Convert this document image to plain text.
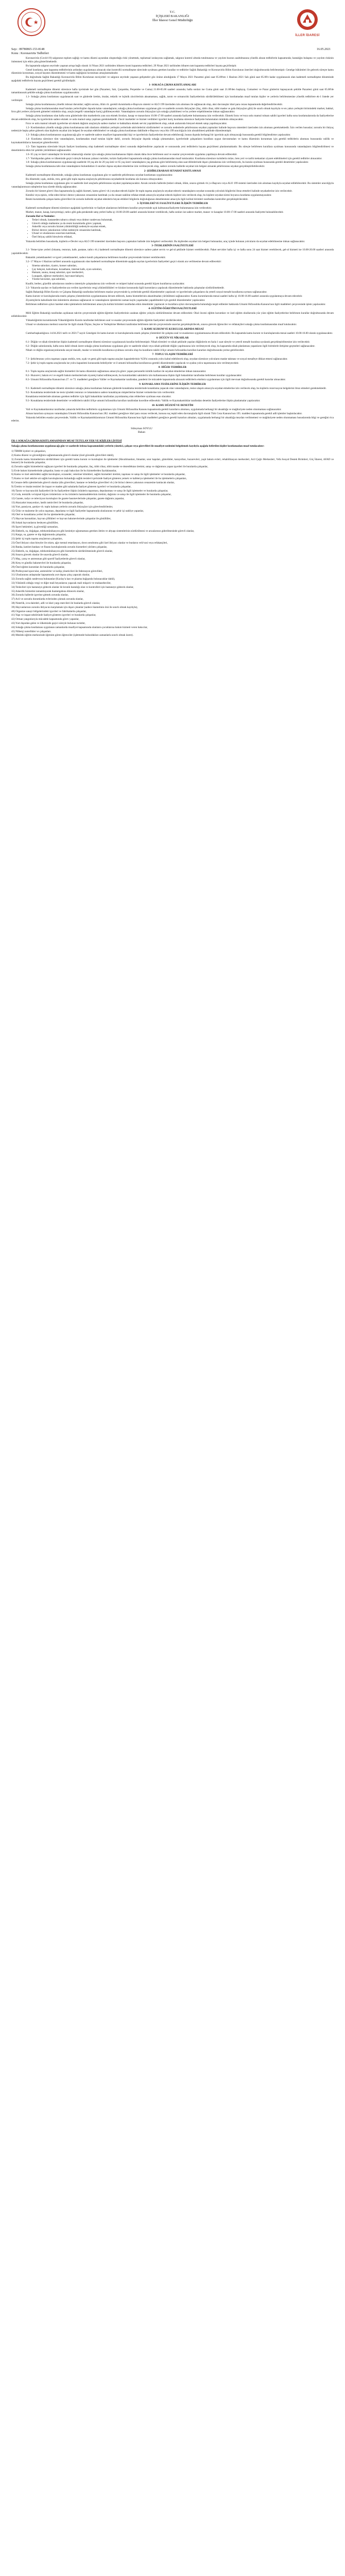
T.C.
İÇİŞLERİ BAKANLIĞI
İller İdaresi Genel Müdürlüğü
İLLER İDARESİ
Sayı : 89780865-153-8148
Konu : Koronavirüs Tedbirleri
16.05.2021

Koronavirüs (Covid-19) salgınının toplum sağlığı ve kamu düzeni açısından oluşturduğu riski yönetmek, toplumsal izolasyonu sağlamak, salgının kontrol altında tutulmasına ve yayılım hızının azaltılmasına yönelik alınan tedbirlerin kapsamında; hastalığın bulaşma ve yayılım riskinin önlenmesi için etkin çaba gösterilmektedir.

Bu kapsamda salgının seyrinde yaşanan artışa bağlı olarak 14 Nisan 2021 tarihinden itibaren kısmi kapanma tedbirleri; 29 Nisan 2021 tarihinden itibaren tam kapanma tedbirleri hayata geçirilmiştir.

Genel kısıtlama, tam kapanma tedbirlerinin ardından uygulamaya alınacak olan kontrollü normalleşme sürecinde uyulması gereken kurallar ve tedbirler Sağlık Bakanlığı ve Koronavirüs Bilim Kurulunun önerileri doğrultusunda belirlenmiştir. Genelge hükümleri ile gelecek süreçte kamu düzeninin korunması, sosyal hayatın düzenlenmesi ve kamu sağlığının korunması amaçlanmaktadır.

Bu doğrultuda Sağlık Bakanlığı Koronavirüs Bilim Kurulunun tavsiyeleri ve salgının seyrinde yaşanan gelişmeler göz önüne alındığında 17 Mayıs 2021 Pazartesi günü saat 05.00'ten 1 Haziran 2021 Salı günü saat 05.00'e kadar uygulanacak olan kademeli normalleşme döneminde aşağıdaki tedbirlerin hayata geçirilmesi gerekli görülmüştür.

1- SOKAĞA ÇIKMA KISITLAMALARI

Kademeli normalleşme dönemi süresince hafta içerisinde her gün (Pazartesi, Salı, Çarşamba, Perşembe ve Cuma) 21.00-05.00 saatleri arasında; hafta sonları ise Cuma günü saat 21.00'den başlayıp, Cumartesi ve Pazar günlerini kapsayacak şekilde Pazartesi günü saat 05.00'de tamamlanacak şekilde sokağa çıkma kısıtlaması uygulanacaktır.

1.1- Sokağa çıkma kısıtlaması uygulanacak saat ve günlerde üretim, imalat, tedarik ve lojistik zincirlerinin aksamaması, sağlık, tarım ve ormancılık faaliyetlerinin sürdürülebilmesi için kısıtlamadan muaf tutulan kişiler ve yerlerin belirlenmesine yönelik tedbirlere ek-1 listede yer verilmiştir.

Sokağa çıkma kısıtlamasına yönelik istisnai durumlar; sağlık sorunu, ölüm vb. gerekli durumlarda e-Başvuru sistemi ve ALO 199 üzerinden izin alınması ile sağlanacak olup, aksi davranışlar idari para cezası kapsamında değerlendirilecektir.

Sokağa çıkma kısıtlamasından muaf tutulan yerler/kişiler dışında kalan vatandaşların; sokağa çıkma kısıtlaması uygulanan gün ve saatlerde zorunlu ihtiyaçları (ilaç, tıbbi cihaz, tıbbi maske ve gıda ihtiyaçları gibi) ile sınırlı olmak kaydıyla ve en yakın yerleşim birimindeki market, bakkal, fırın gibi yerlere yürüyerek gitmeleri mümkün olup, araçla (engelli vatandaşlar hariç) gidilmeyecektir. Vatandaşların zorunlu ihtiyaçları için sokağa çıkabilmesi ve bu yerlere erişebilmesine imkan sağlanacaktır.

Sokağa çıkma kısıtlaması olan hafta sonu günlerinde tüm marketlerin yanı sıra ekmek fırınları, kasap ve manavların 10.00-17.00 saatleri arasında faaliyette bulunmasına izin verilecektir. Ekmek fırını ve/veya unlu mamul ruhsatı sahibi işyerleri hafta sonu kısıtlamalarında da faaliyetlerine devam edebilecek olup, bu işyerlerinin sadece ekmek ve unlu mamul satışı yapması gerekmektedir. Zincir marketler ve hizmet verdikleri işyerleri hariç kısıtlama süresince faaliyette bulunmaları mümkün olmayacaktır.

Fırın ve unlu mamul ruhsatlı işyerlerine ait ekmek dağıtım araçlarıyla sadece market ve bakkallara ekmek servisi yapılabilecek olup, sokak aralarında bireysel ekmek satışı yapılmayacaktır.

1.2- Kısıtlamalara yönelik sokağa çıkma kısıtlamasına tabi olanların oldukları yerleşim yerlerinde aktivitelerini sürdürmeleri ve zorunlu nedenlerle şehirlerarası seyahat yapmaları halinde başvuru sistemleri üzerinden izin alınması gerekmektedir. İzin verilen hususlar; zorunlu bir ihtiyaç nedeniyle başka şehre gidecek olan kişilerin seyahat izin belgesi ile seyahat edebilmeleri ve sokağa çıkma kısıtlaması dahilinde e-Başvuru veya Alo 199 aracılığıyla izin alınabilmesi şeklinde düzenlenmiştir.

1.3- Sokağa çıkma kısıtlamasının uygulanacağı gün ve saatlerde sadece muafiyet kapsamındaki kişi ve işyerlerinin faaliyetlerine devam edebileceği, bunun dışında herhangi bir işyerinin açık olmayacağı hususunda gerekli bilgilendirme yapılacaktır.

1.4- Kısıtlama süresince tüm vatandaşların, kısıtlamadan muaf tutulan kişiler dahil, zorunlu ihtiyaçlar dışında sokağa çıkmamaları; işyerlerinde çalışanların kurallara uygun davranmaları ve kamu düzeninin korunması için gerekli tedbirlerin alınması hususunda valilik ve kaymakamlıklarca hassasiyet gösterilecektir.

1.5- Tam kapanma sürecinde birçok faaliyet kısıtlanmış olup kademeli normalleşme süreci sonunda değerlendirme yapılacak ve sonrasında yeni tedbirlerin hayata geçirilmesi planlanmaktadır. Bu süreçte belirlenen kurallara uyulması konusunda vatandaşların bilgilendirilmesi ve denetimlerin etkin bir şekilde yürütülmesi sağlanacaktır.

1.6- 65 yaş ve üzeri vatandaşlar ile kronik rahatsızlığı olanlar için sokağa çıkma kısıtlamasına ilişkin olarak daha önce belirlenen usul ve esaslar çerçevesinde uygulama yapılmaya devam edilecektir.

1.7- Yurtdışından gelen ve ülkemizde geçici süreyle bulunan yabancı turistler, turizm faaliyetleri kapsamında sokağa çıkma kısıtlamasından muaf tutulacaktır. Kısıtlama süresince turistlerin müze, ören yeri ve tarihi mekanları ziyaret edebilmeleri için gerekli tedbirler alınacaktır.

1.8- Sokağa çıkma kısıtlamasının uygulanacağı saatlerde 18 yaş altı ile 20 yaş üstü ve 65 yaş üzeri vatandaşların yaş grubuna göre belirlenmiş olan saat dilimlerinde dışarı çıkmalarına izin verilmeyecek, bu kurala uyulması hususunda gerekli denetimler yapılacaktır.

Sokağa çıkma kısıtlamasına tabi olan vatandaşların bulundukları il sınırları dışına seyahat etmelerine izin verilmeyecek olup, sadece zorunlu hallerde seyahat izin belgesi alınarak şehirlerarası seyahat gerçekleştirilebilecektir.

2- ŞEHİRLERARASI SEYAHAT KISITLAMASI

Kademeli normalleşme döneminde, sokağa çıkma kısıtlaması uygulanan gün ve saatlerde şehirlerarası seyahat kısıtlaması uygulanacaktır.

Bu dönemde; uçak, otobüs, tren, gemi gibi toplu taşıma araçlarıyla şehirlerarası seyahatlerde kısıtlama söz konusu olmayacaktır.

Sokağa çıkma kısıtlaması uygulanan gün ve saatlerde özel araçlarla şehirlerarası seyahat yapılamayacaktır. Ancak zorunlu hallerde (tedavi olmak, ölüm, sınava girmek vb.) e-Başvuru veya ALO 199 sistemi üzerinden izin alınması kaydıyla seyahat edilebilecektir. Bu sistemler aracılığıyla vatandaşlarımızın taleplerine kısa sürede dönüş sağlanacaktır.

Zorunlu bir hizmet görevi ifası kapsamında (iş sağlık hizmeti, kamu görevi vb.) seyahat edecek kişiler ile toplu taşıma araçlarıyla seyahat edecek vatandaşların seyahat sırasında yolculuk bilgilerini ibraz etmeleri halinde seyahatlerine izin verilecektir.

Kendisi veya eşinin, vefat eden birinci derece yakınının cenazesine katılmak ya da cenaze nakline refakat etmek amacıyla seyahat edecek kişilere izin verilecek olup, bu kişilere seyahat süresi boyunca kısıtlama uygulanmayacaktır.

Resmi kurumlarda çalışan kamu görevlileri ile zorunlu hallerde seyahat edenlerin beyan ettikleri bilgilerin doğruluğunun denetlenmesi amacıyla ilgili kolluk birimleri tarafından kontroller gerçekleştirilecektir.

3- İŞYERLERİ VE FAALİYETLERE İLİŞKİN TEDBİRLER

Kademeli normalleşme dönemi süresince aşağıdaki işyerlerinin ve faaliyet alanlarının belirlenen kurallar çerçevesinde açık kalmasına/faaliyette bulunmasına izin verilecektir.

Market, manav, kasap, kuruyemişçi, tatlıcı gibi gıda perakende satış yerleri hafta içi 10.00-20.00 saatleri arasında hizmet verebilecek, hafta sonları ise sadece market, manav ve kasaplar 10.00-17.00 saatleri arasında faaliyette bulunabilecektir.

Zorunlu Hal ve Nedenler:

• Tedavi olmak, hastaneden taburcu olmak veya doktor randevusu bulunmak,
• Görevli olduğu mahkeme ya da resmi kurumlarda görev yapmak,
• Askerlik veya zorunlu hizmet yükümlülüğü nedeniyle seyahat etmek,
• Birinci derece yakınlarının vefatı nedeniyle cenazesine katılmak,
• Ulusal ve uluslararası sınavlara katılmak,
• Özel ihtiyaç sahibi bireylerin refakati,

Yukarıda belirtilen hususlarda, kişilerin e-Devlet veya ALO 199 sistemleri üzerinden başvuru yapmaları halinde izin belgeleri verilecektir. Bu kişilerden seyahat izin belgesi bulunanlar, araç içinde bulunan yolcuların da seyahat edebilmesine imkan sağlanacaktır.

3- İYERLERİNİN FAALİYETLERİ

3.1- Yeme-içme yerleri (lokanta, restoran, kafe, pastane, tatlıcı vb.) kademeli normalleşme dönemi süresince sadece paket servis ve gel-al şeklinde hizmet verebilecektir. Paket servisler hafta içi ve hafta sonu 24 saat hizmet verebilecek, gel-al hizmeti ise 10.00-20.00 saatleri arasında yapılabilecektir.

Bakanlık yemekhaneleri ve işyeri yemekhaneleri, sadece kendi çalışanlarına belirlenen kurallar çerçevesinde hizmet verebilecektir.

3.2- 17 Mayıs-1 Haziran tarihleri arasında uygulanacak olan kademeli normalleşme döneminde aşağıda sayılan işyerlerinin faaliyetleri geçici olarak ara verilmesine devam edilecektir:

• Sinema salonları, tiyatro, konser salonları,
• Çay bahçesi, kahvehane, kıraathane, internet kafe, oyun salonları,
• Hamam, sauna, masaj salonları, spor merkezleri,
• Lunapark, eğlence merkezleri, hayvanat bahçesi,
• Yüzme havuzları, spa salonları,

Kuaför, berber, güzellik salonlarının randevu sistemiyle çalışmalarına izin verilecek ve müşteri kabul sırasında gerekli hijyen kurallarına uyulacaktır.

3.3- Yukarıda sayılan ve faaliyetlerine ara verilen işyerlerinin vergi yükümlülükleri ve kiraları konusunda ilgili kurumlarca yapılacak düzenlemeler hakkında çalışmalar sürdürülmektedir.

Sağlık Bakanlığı Bilim Kurulu ve Çalışma Bakanlığı tarafından belirlenen esaslar çerçevesinde iş yerlerinde gerekli düzenlemeler yapılacak ve işyerlerinde çalışanların da yeterli sosyal mesafe kurallarına uyması sağlanacaktır.

Kamu kurum ve kuruluşlarında esnek çalışma yöntemlerinin uygulanmasına devam edilecek, kamu hizmetlerinin aksatılmadan yürütülmesi sağlanacaktır. Kamu kurumlarında mesai saatleri hafta içi 10.00-16.00 saatleri arasında uygulanmaya devam edecektir.

Ziyaretçilerin kabulünde tüm önlemlerin alınması sağlanacak ve vatandaşların işlemlerini zaman kaybı yaşamadan yapabilmeleri için gerekli düzenlemeler yapılacaktır.

Belirlenen tedbirlere aykırı hareket eden işletmelerin belirlenmesi amacıyla kolluk birimleri tarafından etkin denetimler yapılacak ve kurallara aykırı davranışlarda bulunduğu tespit edilenler hakkında Umumi Hıfzıssıhha Kanunu'nun ilgili maddeleri çerçevesinde işlem yapılacaktır.

4- EĞİTİM-ÖĞRETİM FAALİYETLERİ

Milli Eğitim Bakanlığı tarafından açıklanan takvim çerçevesinde eğitim-öğretim faaliyetlerinin uzaktan eğitim yoluyla sürdürülmesine devam edilecektir. Okul öncesi eğitim kurumları ve özel eğitim okullarında yüz yüze eğitim faaliyetlerine belirlenen kurallar doğrultusunda devam edilebilecektir.

Yükseköğretim kurumlarında Yükseköğretim Kurulu tarafından belirlenen usul ve esaslar çerçevesinde eğitim-öğretim faaliyetleri sürdürülecektir.

Ulusal ve uluslararası merkezi sınavlar ile ilgili olarak Ölçme, Seçme ve Yerleştirme Merkezi tarafından belirlenen takvim çerçevesinde sınavlar gerçekleştirilecek, sınava girecek öğrenciler ve refakatçileri sokağa çıkma kısıtlamasından muaf tutulacaktır.

5- KAMU KURUM VE KURULUŞLARINDA MESAİ

Cumhurbaşkanlığınca 14.04.2021 tarih ve 2021/7 sayılı Genelgesi ile kamu kurum ve kuruluşlarında esnek çalışma yöntemleri ile çalışma usul ve esaslarının uygulanmasına devam edilecektir. Bu kapsamda kamu kurum ve kuruluşlarında mesai saatleri 10.00-16.00 olarak uygulanacaktır.

6- DÜĞÜN VE NİKAHLAR

6.1- Düğün ve nikah törenlerine ilişkin kademeli normalleşme dönemi süresince uygulanacak kurallar belirlenmiştir. Nikah törenleri ve nikah şeklinde yapılan düğünlerin en fazla 1 saat süreyle ve yeterli mesafe kuralına uyularak gerçekleştirilmesine izin verilecektir.

6.2- Düğün salonlarında, hafta sonu dahil olmak üzere sokağa çıkma kısıtlaması uygulanan gün ve saatlerde nikah veya nikah şeklinde düğün yapılmasına izin verilmeyecek olup, bu kapsamda nikah planlaması yapanların ilgili birimlerle iletişime geçmeleri sağlanacaktır.

Nikah ve düğün organizasyonlarında sosyal mesafe, maske ve temizlik kurallarına uyulması zorunlu olup bu kuralların takibi il/ilçe umumi hıfzıssıhha kurulları kararları doğrultusunda yerine getirilecektir.

7- TOPLU ULAŞIM TEDBİRLERİ

7.1- Şehirlerarası yolcu taşıması yapan otobüs, tren, uçak ve gemi gibi toplu taşıma araçları kapasitelerinin %50'si oranında yolcu kabul edebilecek olup, seyahat süresince yolcuların maske takması ve sosyal mesafeye dikkat etmesi sağlanacaktır.

7.2- Şehir içi toplu taşıma araçlarında ise yolcu kapasitesi konusunda belediyeler ve il umumi hıfzıssıhha kurullarınca gerekli düzenlemeler yapılacak ve ayakta yolcu taşınmasına izin verilmeyecektir.

8- DİĞER TEDBİRLER

8.1- Toplu taşıma araçlarında sağlık hizmetleri ile kamu düzeninin sağlanması amacıyla görev yapan personelin kimlik kartları ile seyahat etmelerine imkan tanınacaktır.

8.2- Huzurevi, bakım evi ve engelli bakım merkezlerinde ziyaretçi kabul edilmeyecek, bu kurumlardaki sakinlerin izin kullanmasına ilişkin ilgili bakanlıklar tarafından belirlenen kurallar uygulanacaktır.

8.3- Umumi Hıfzıssıhha Kanunu'nun 27. ve 72. maddeleri gereğince Valiler ve Kaymakamlar tarafından, pandemi ile mücadele kapsamında alınacak tedbirlerin eksiksiz uygulanması için ilgili mevzuat doğrultusunda gerekli kararlar alınacaktır.

9- KONAKLAMA TESİSLERİNE İLİŞKİN TEDBİRLER

9.1- Kademeli normalleşme dönemi süresince sokağa çıkma kısıtlaması bulunan günlerde konaklama tesislerinde konaklama yapacak olan vatandaşların, tesise ulaşım amacıyla seyahat etmelerine izin verilecek olup, bu kişilerin rezervasyon belgelerini ibraz etmeleri gerekmektedir.

9.2- Konaklama tesislerinde ise tesis içindeki restoran ve lokantaların sadece konaklayan müşterilerine hizmet vermelerine izin verilecektir.

Konaklama tesislerinde alınması gereken tedbirler için ilgili bakanlıklar tarafından yayımlanmış olan rehberlere uyulması esas olacaktır.

9.3- Konaklama tesislerinde denetimler ve tedbirlerin takibi il/ilçe umumi hıfzıssıhha kurulları tarafından koordine edilecektir. Valilik ve Kaymakamlıklar tarafından denetim faaliyetlerine ilişkin planlamalar yapılacaktır.

10- KAMU DÜZENİ VE DENETİM

Vali ve Kaymakamlarımız tarafından yukarıda belirtilen tedbirlerin uygulanması için Umumi Hıfzıssıhha Kanunu kapsamında gerekli kararların alınması, uygulamada herhangi bir aksaklığa ve mağduriyete neden olunmaması sağlanacaktır.

Alınan kararlara uymayan vatandaşlara Umumi Hıfzıssıhha Kanunu'nun 282. maddesi gereğince idari para cezası verilecek, konusu suç teşkil eden davranışlarla ilgili olarak Türk Ceza Kanunu'nun 195. maddesi kapsamında gerekli adli işlemler başlatılacaktır.

Yukarıda belirtilen esaslar çerçevesinde, Valilik ve Kaymakamlıklarımızın Umumi Hıfzıssıhha Kanunu'nun ilgili maddeleri gereğince gerekli kararları almaları, uygulamada herhangi bir aksaklığa meydan verilmemesi ve mağduriyete neden olunmaması hususlarında bilgi ve gereğini rica ederim.

Süleyman SOYLU
Bakan
EK-1 SOKAĞA ÇIKMA KISITLAMASINDAN MUAF TUTULAN YER VE KİŞİLER LİSTESİ
Sokağa çıkma kısıtlamasının uygulanacağı gün ve saatlerde istisna kapsamındaki yerlerin yönetici, çalışan veya görevlileri ile muafiyet nedenini belgelemek kaydıyla aşağıda belirtilen kişiler kısıtlamadan muaf tutulacaktır:
1) TBMM üyeleri ve çalışanları,
2) Kamu düzeni ve güvenliğinin sağlanmasında görevli olanlar (özel güvenlik görevlileri dahil),
3) Zorunlu kamu hizmetlerinin sürdürülmesi için gerekli kamu kurum ve kuruluşları ile işletmeler (Havalimanları, limanlar, sınır kapıları, gümrükler, karayolları, huzurevleri, yaşlı bakım evleri, rehabilitasyon merkezleri, Acil Çağrı Merkezleri, Vefa Sosyal Destek Birimleri, Göç İdaresi, AFAD ve benzeri) ile buralarda çalışanlar,
4) Zorunlu sağlık hizmetlerini sağlayan işyerleri ile buralarda çalışanlar, ilaç, tıbbi cihaz, tıbbi maske ve dezenfektan üretimi, satışı ve dağıtımını yapan işyerleri ile buralarda çalışanlar,
5) Evde bakım hizmetlerinde çalışanlar, hasta ve yaşlı bakıcıları ile bu hizmetlerden faydalananlar,
6) Kamu ve özel sektördeki sağlık kuruluşları, eczaneler, veteriner klinikleri, sağlık hizmetleri üretimi, taşıması ve satışı ile ilgili işletmeler ve buralarda çalışanlar,
7) Kamu ve özel sektöre ait sağlık kuruluşlarının bulunduğu sağlık tesisleri içerisinde faaliyet gösteren yemek ve kafeterya işletmeleri ile bu işletmelerin çalışanları,
8) Cenaze defin işlemlerinde görevli olanlar (din görevlileri, hastane ve belediye görevlileri vb.) ile birinci derece yakınının cenazesine katılacak olanlar,
9) Üretim ve imalat tesisleri ile inşaat ve maden gibi sahalarda faaliyet gösteren işyerleri ve buralarda çalışanlar,
10) Tarım ve hayvancılık faaliyetleri ile bu faaliyetlere ilişkin ürünlerin taşınması, depolanması ve satışı ile ilgili işletmeler ve buralarda çalışanlar,
11) Gıda, temizlik ve kişisel hijyen ürünlerinin ve bu ürünlerin hammaddelerinin üretimi, dağıtımı ve satışı ile ilgili işletmeler ile buralarda çalışanlar,
12) Gazete, radyo ve televizyon kuruluşları ile gazete basımevlerinde çalışanlar, gazete dağıtımı yapanlar,
13) Akaryakıt istasyonları, lastik tamircileri ile buralarda çalışanlar,
14) Yurt, pansiyon, şantiye vb. toplu kalınan yerlerin zorunlu ihtiyaçları için görevlendirilenler,
15) Ürün ve malzeme ile yolcu taşıması, depolama ve ilgili faaliyetler kapsamında uluslararası ve şehir içi nakliye yapanlar,
16) Otel ve konaklama yerleri ile bu işletmelerde çalışanlar,
17) Hayvan barınakları, hayvan çiftlikleri ve hayvan bakımevlerinde çalışanlar ile gönüllüler,
18) Sokak hayvanlarını besleyen gönüllüler,
19) İşyeri hekimleri, iş güvenliği uzmanları,
20) Elektrik, su, doğalgaz, telekomünikasyon gibi kesintiye uğramaması gereken iletim ve altyapı sistemlerinin sürdürülmesi ve arızalarının giderilmesinde görevli olanlar,
21) Kargo, su, gazete ve tüp dağıtımında çalışanlar,
22) Şehir içi toplu taşıma araçlarının çalışanları,
23) Özel ihtiyacı olan bireyler ile otizm, ağır mental retardasyon, down sendromu gibi özel ihtiyacı olanlar ve bunların veli/vasi veya refakatçileri,
24) Banka, katılım bankası ve finans kuruluşlarında zorunlu hizmetleri yürüten çalışanlar,
25) Elektrik, su, doğalgaz, telekomünikasyon gibi hizmetlerin sürdürülmesinde görevli olanlar,
26) Sınava girecek olanlar ile sınavda görevli olanlar,
27) Maç, yarış ve antrenman gibi sportif faaliyetlerde görevli olanlar,
28) Kreş ve gündüz bakımevleri ile buralarda çalışanlar,
29) Özel eğitim kurumları ile buralarda çalışanlar,
30) Profesyonel sporcular, antrenörler ve kulüp yöneticileri ile federasyon görevlileri,
31) Uluslararası anlaşmalar kapsamında yurt dışına çıkış yapacak olanlar,
32) Zorunlu sağlık randevusu bulunanlar (Kızılay'a kan ve plazma bağışında bulunacaklar dahil),
33) Yükümlü olduğu vergi ve diğer mali beyanlarını yapacak mali müşavir ve muhasebeciler,
34) Tedavileri için hastaneye gidecek olanlar ile kronik hastalığı olan ve kontrolleri için hastaneye gidecek olanlar,
35) Askerlik hizmetini tamamlayarak ikametgahına dönecek olanlar,
36) Zorunlu hallerde işyerine gitmek zorunda olanlar,
37) Acil ve zorunlu durumlarda evlerinden çıkmak zorunda olanlar,
38) Noterlik, icra daireleri, adli ve idari yargı mercileri ile bunlarda görevli olanlar,
39) Hayvanlarının zorunlu ihtiyacını karşılamak için dışarı çıkanlar (sadece ikametinin önü ile sınırlı olmak kaydıyla),
40) Organize sanayi bölgelerindeki işyerleri ve fabrikalarda çalışanlar,
41) Yapı ve inşaat sektöründe faaliyet gösteren işyerleri ve buralarda çalışanlar,
42) Orman yangınlarıyla mücadele kapsamında görev yapanlar,
43) Yurt dışından gelen ve ülkemizde geçici süreyle bulunan turistler,
44) Sokağa çıkma kısıtlaması uygulanan zamanlarda muafiyet kapsamında olanların çocuklarına bakım hizmeti veren bakıcılar,
45) Nöbetçi noterlikler ve çalışanları.
46) Mesleki eğitim merkezinde öğrenim gören öğrenciler (işletmede bulundukları zamanlarla sınırlı olmak üzere).
